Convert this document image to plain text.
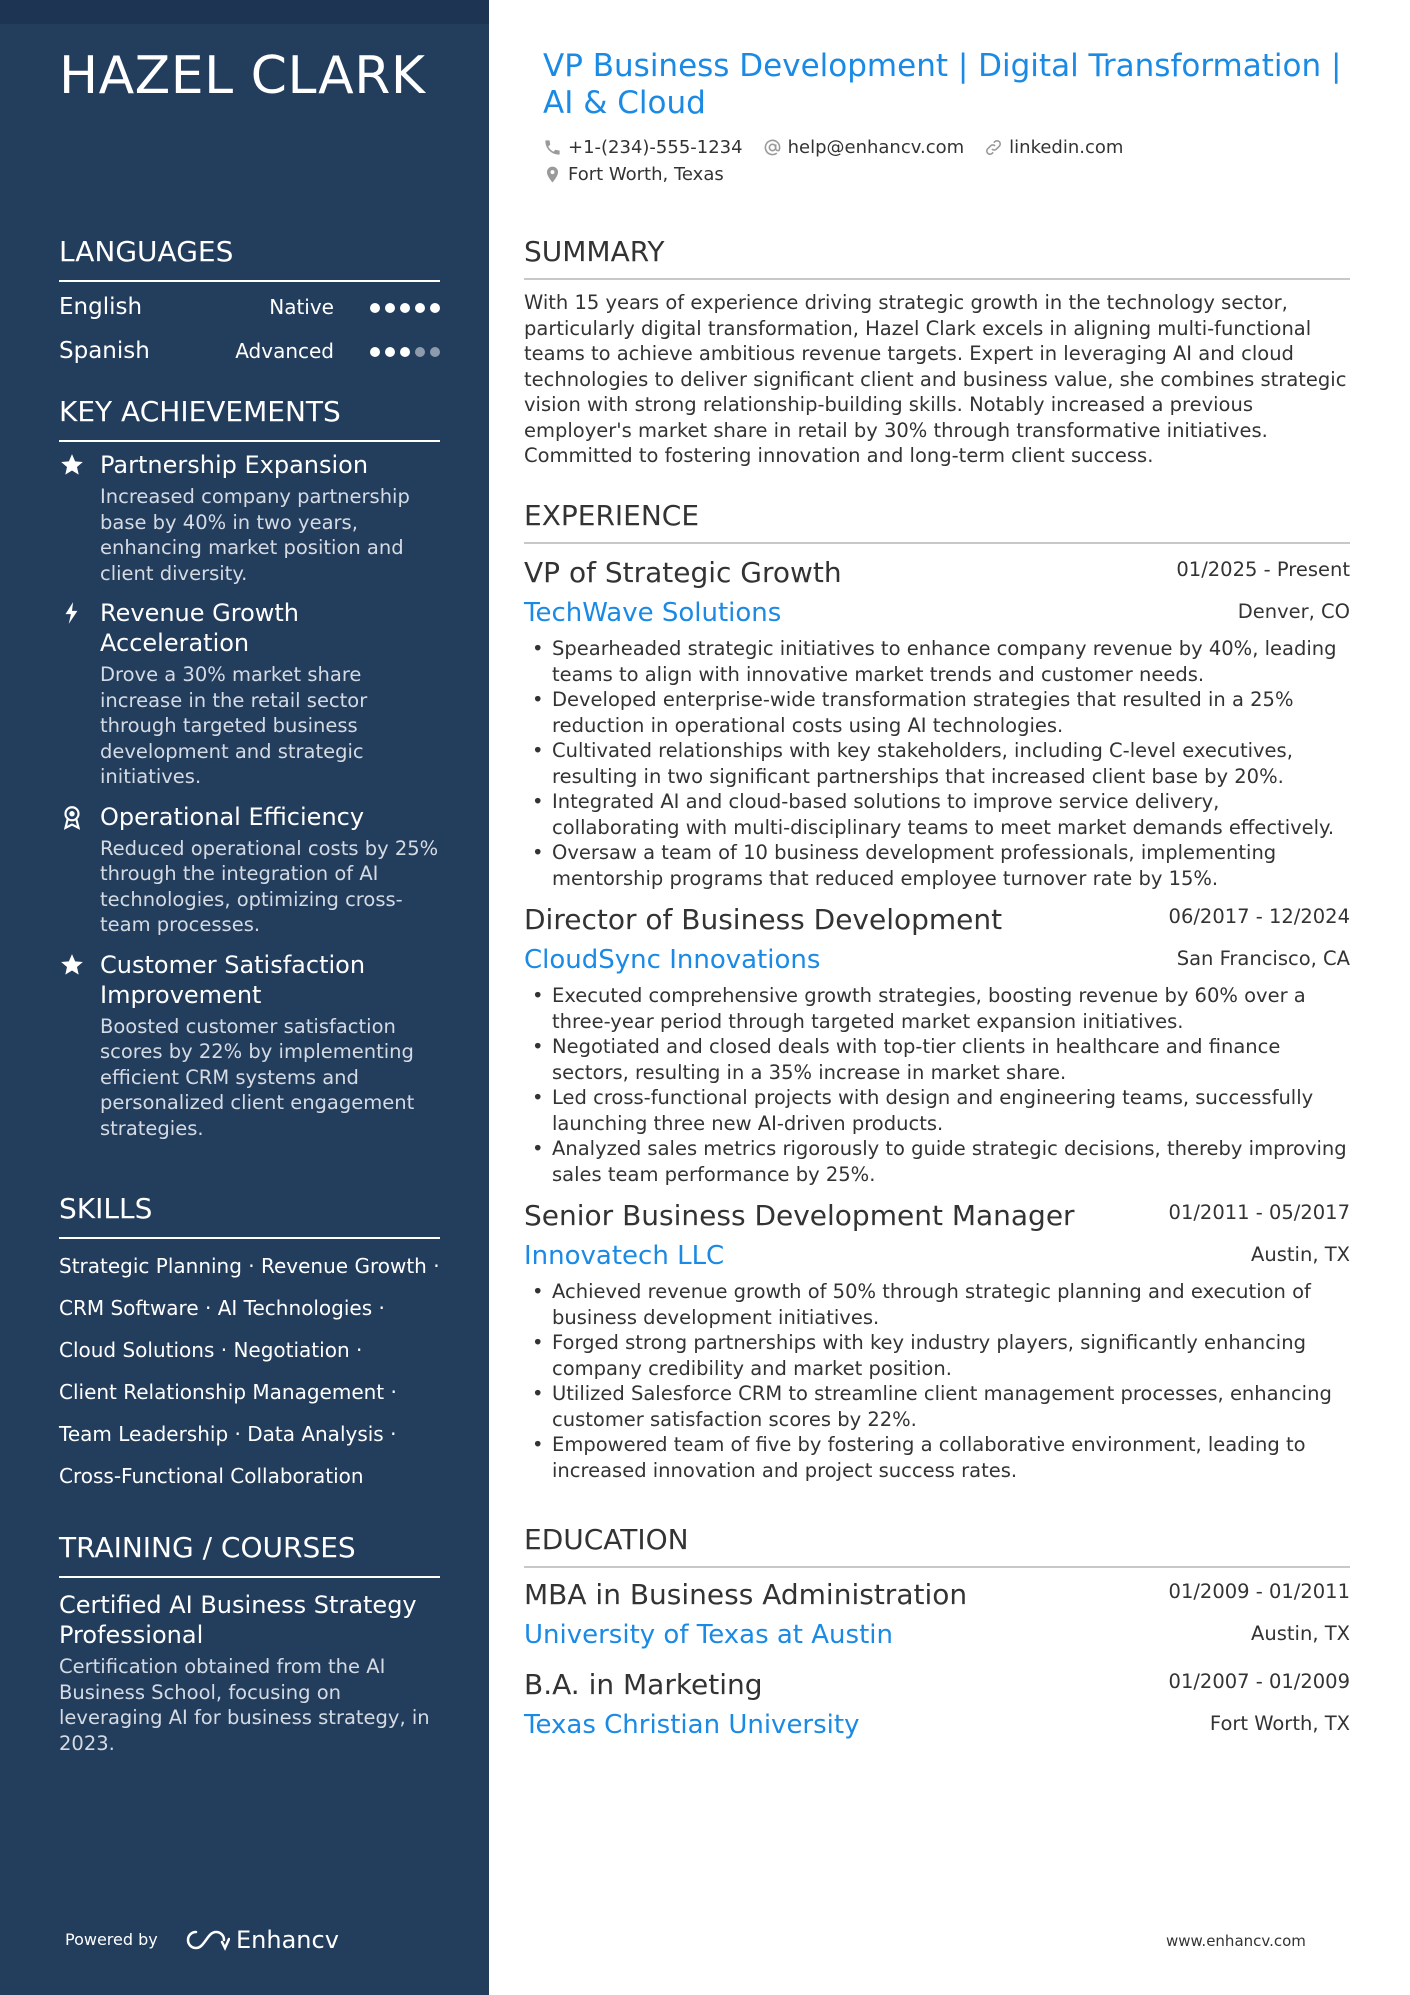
HAZEL CLARK
LANGUAGES
English	Native
Spanish	Advanced
KEY ACHIEVEMENTS
Partnership Expansion
Increased company partnership base by 40% in two years, enhancing market position and client diversity.
Revenue Growth Acceleration
Drove a 30% market share increase in the retail sector through targeted business development and strategic initiatives.
Operational Efficiency
Reduced operational costs by 25% through the integration of AI technologies, optimizing cross-team processes.
Customer Satisfaction Improvement
Boosted customer satisfaction scores by 22% by implementing efficient CRM systems and personalized client engagement strategies.
SKILLS
Strategic Planning · Revenue Growth ·
CRM Software · AI Technologies ·
Cloud Solutions · Negotiation ·
Client Relationship Management ·
Team Leadership · Data Analysis ·
Cross-Functional Collaboration
TRAINING / COURSES
Certified AI Business Strategy Professional
Certification obtained from the AI Business School, focusing on leveraging AI for business strategy, in 2023.
Powered by	Enhancv
VP Business Development | Digital Transformation | AI & Cloud
+1-(234)-555-1234	help@enhancv.com	linkedin.com
Fort Worth, Texas
SUMMARY
With 15 years of experience driving strategic growth in the technology sector, particularly digital transformation, Hazel Clark excels in aligning multi-functional teams to achieve ambitious revenue targets. Expert in leveraging AI and cloud technologies to deliver significant client and business value, she combines strategic vision with strong relationship-building skills. Notably increased a previous employer's market share in retail by 30% through transformative initiatives. Committed to fostering innovation and long-term client success.
EXPERIENCE
VP of Strategic Growth	01/2025 - Present
TechWave Solutions	Denver, CO
• Spearheaded strategic initiatives to enhance company revenue by 40%, leading teams to align with innovative market trends and customer needs.
• Developed enterprise-wide transformation strategies that resulted in a 25% reduction in operational costs using AI technologies.
• Cultivated relationships with key stakeholders, including C-level executives, resulting in two significant partnerships that increased client base by 20%.
• Integrated AI and cloud-based solutions to improve service delivery, collaborating with multi-disciplinary teams to meet market demands effectively.
• Oversaw a team of 10 business development professionals, implementing mentorship programs that reduced employee turnover rate by 15%.
Director of Business Development	06/2017 - 12/2024
CloudSync Innovations	San Francisco, CA
• Executed comprehensive growth strategies, boosting revenue by 60% over a three-year period through targeted market expansion initiatives.
• Negotiated and closed deals with top-tier clients in healthcare and finance sectors, resulting in a 35% increase in market share.
• Led cross-functional projects with design and engineering teams, successfully launching three new AI-driven products.
• Analyzed sales metrics rigorously to guide strategic decisions, thereby improving sales team performance by 25%.
Senior Business Development Manager	01/2011 - 05/2017
Innovatech LLC	Austin, TX
• Achieved revenue growth of 50% through strategic planning and execution of business development initiatives.
• Forged strong partnerships with key industry players, significantly enhancing company credibility and market position.
• Utilized Salesforce CRM to streamline client management processes, enhancing customer satisfaction scores by 22%.
• Empowered team of five by fostering a collaborative environment, leading to increased innovation and project success rates.
EDUCATION
MBA in Business Administration	01/2009 - 01/2011
University of Texas at Austin	Austin, TX
B.A. in Marketing	01/2007 - 01/2009
Texas Christian University	Fort Worth, TX
www.enhancv.com
